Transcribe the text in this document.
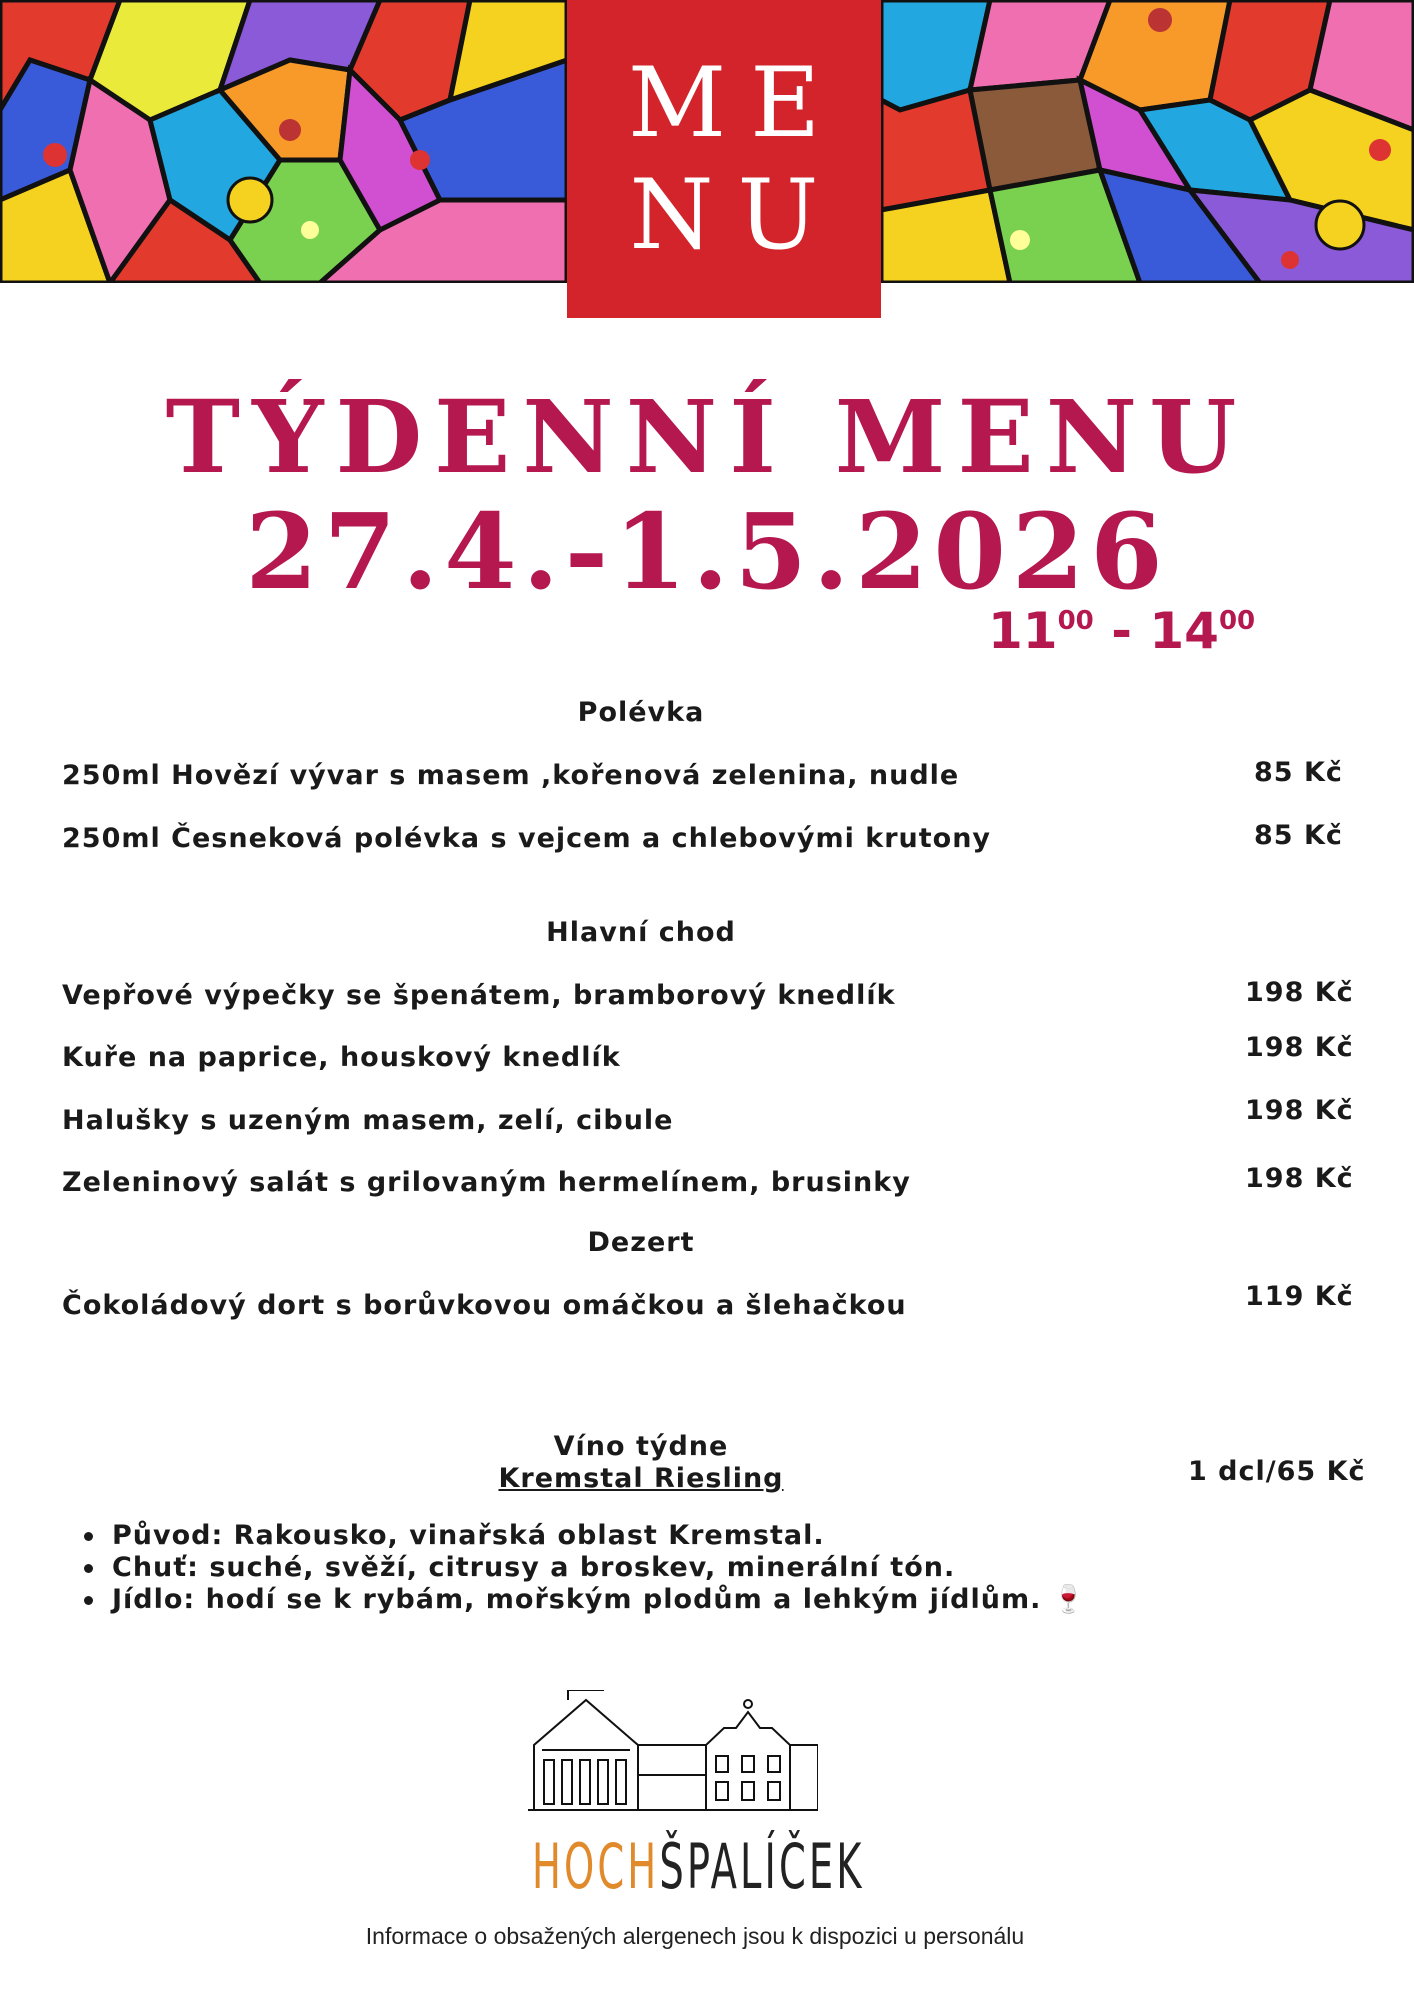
ME
NU
TÝDENNÍ MENU
27.4.-1.5.2026
$11^{00} - 14^{00}$
Polévka
250ml Hovězí vývar s masem ,kořenová zelenina, nudle	85 Kč
250ml Česneková polévka s vejcem a chlebovými krutony	85 Kč
Hlavní chod
Vepřové výpečky se špenátem, bramborový knedlík	198 Kč
Kuře na paprice, houskový knedlík	198 Kč
Halušky s uzeným masem, zelí, cibule	198 Kč
Zeleninový salát s grilovaným hermelínem, brusinky	198 Kč
Dezert
Čokoládový dort s borůvkovou omáčkou a šlehačkou	119 Kč
Víno týdne
Kremstal Riesling	1 dcl/65 Kč
Původ: Rakousko, vinařská oblast Kremstal.
Chuť: suché, svěží, citrusy a broskev, minerální tón.
Jídlo: hodí se k rybám, mořským plodům a lehkým jídlům. 🍷
HOCHŠPALÍČEK
Informace o obsažených alergenech jsou k dispozici u personálu
